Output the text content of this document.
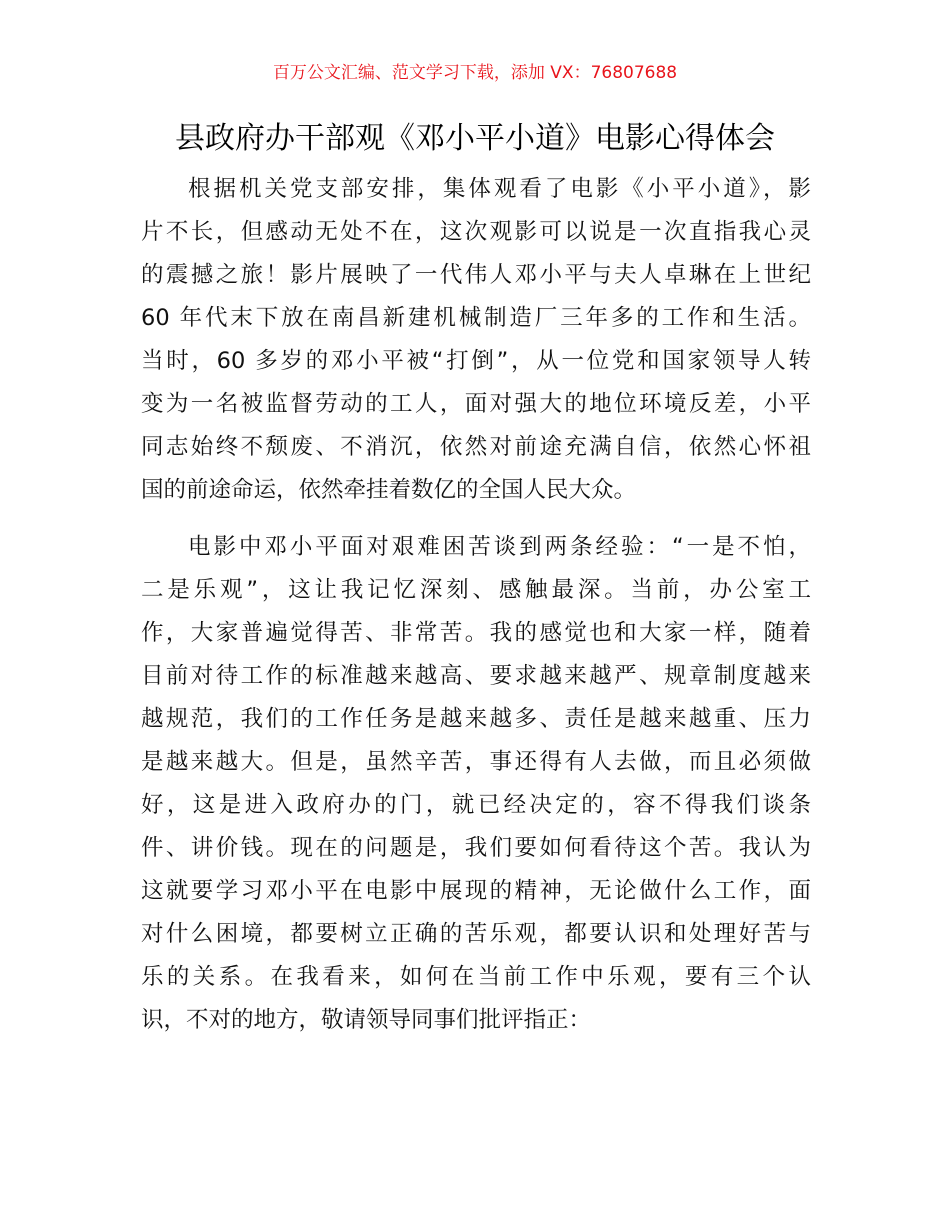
百万公文汇编、范文学习下载，添加 VX：76807688
县政府办干部观《邓小平小道》电影心得体会
根据机关党支部安排，集体观看了电影《小平小道》，影
片不长，但感动无处不在，这次观影可以说是一次直指我心灵
的震撼之旅！影片展映了一代伟人邓小平与夫人卓琳在上世纪
60 年代末下放在南昌新建机械制造厂三年多的工作和生活。
当时，60 多岁的邓小平被“打倒”，从一位党和国家领导人转
变为一名被监督劳动的工人，面对强大的地位环境反差，小平
同志始终不颓废、不消沉，依然对前途充满自信，依然心怀祖
国的前途命运，依然牵挂着数亿的全国人民大众。
电影中邓小平面对艰难困苦谈到两条经验：“一是不怕，
二是乐观”，这让我记忆深刻、感触最深。当前，办公室工
作，大家普遍觉得苦、非常苦。我的感觉也和大家一样，随着
目前对待工作的标准越来越高、要求越来越严、规章制度越来
越规范，我们的工作任务是越来越多、责任是越来越重、压力
是越来越大。但是，虽然辛苦，事还得有人去做，而且必须做
好，这是进入政府办的门，就已经决定的，容不得我们谈条
件、讲价钱。现在的问题是，我们要如何看待这个苦。我认为
这就要学习邓小平在电影中展现的精神，无论做什么工作，面
对什么困境，都要树立正确的苦乐观，都要认识和处理好苦与
乐的关系。在我看来，如何在当前工作中乐观，要有三个认
识，不对的地方，敬请领导同事们批评指正：
